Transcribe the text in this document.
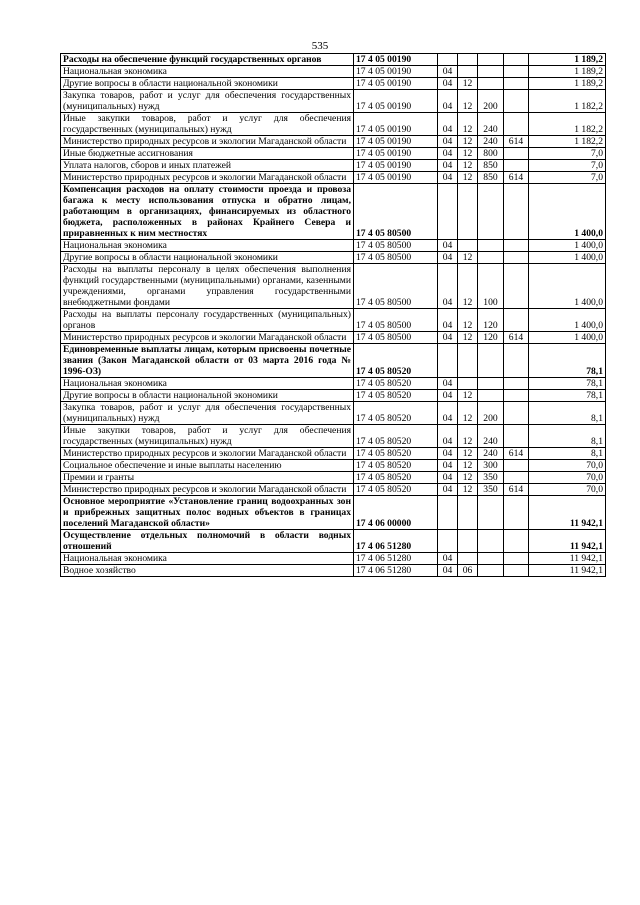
535
Расходы на обеспечение функций государственных органов	17 4 05 00190					1 189,2
Национальная экономика	17 4 05 00190	04				1 189,2
Другие вопросы в области национальной экономики	17 4 05 00190	04	12			1 189,2
Закупка товаров, работ и услуг для обеспечения государственных (муниципальных) нужд	17 4 05 00190	04	12	200		1 182,2
Иные закупки товаров, работ и услуг для обеспечения государственных (муниципальных) нужд	17 4 05 00190	04	12	240		1 182,2
Министерство природных ресурсов и экологии Магаданской области	17 4 05 00190	04	12	240	614	1 182,2
Иные бюджетные ассигнования	17 4 05 00190	04	12	800		7,0
Уплата налогов, сборов и иных платежей	17 4 05 00190	04	12	850		7,0
Министерство природных ресурсов и экологии Магаданской области	17 4 05 00190	04	12	850	614	7,0
Компенсация расходов на оплату стоимости проезда и провоза багажа к месту использования отпуска и обратно лицам, работающим в организациях, финансируемых из областного бюджета, расположенных в районах Крайнего Севера и приравненных к ним местностях	17 4 05 80500					1 400,0
Национальная экономика	17 4 05 80500	04				1 400,0
Другие вопросы в области национальной экономики	17 4 05 80500	04	12			1 400,0
Расходы на выплаты персоналу в целях обеспечения выполнения функций государственными (муниципальными) органами, казенными учреждениями, органами управления государственными внебюджетными фондами	17 4 05 80500	04	12	100		1 400,0
Расходы на выплаты персоналу государственных (муниципальных) органов	17 4 05 80500	04	12	120		1 400,0
Министерство природных ресурсов и экологии Магаданской области	17 4 05 80500	04	12	120	614	1 400,0
Единовременные выплаты лицам, которым присвоены почетные звания (Закон Магаданской области от 03 марта 2016 года № 1996-ОЗ)	17 4 05 80520					78,1
Национальная экономика	17 4 05 80520	04				78,1
Другие вопросы в области национальной экономики	17 4 05 80520	04	12			78,1
Закупка товаров, работ и услуг для обеспечения государственных (муниципальных) нужд	17 4 05 80520	04	12	200		8,1
Иные закупки товаров, работ и услуг для обеспечения государственных (муниципальных) нужд	17 4 05 80520	04	12	240		8,1
Министерство природных ресурсов и экологии Магаданской области	17 4 05 80520	04	12	240	614	8,1
Социальное обеспечение и иные выплаты населению	17 4 05 80520	04	12	300		70,0
Премии и гранты	17 4 05 80520	04	12	350		70,0
Министерство природных ресурсов и экологии Магаданской области	17 4 05 80520	04	12	350	614	70,0
Основное мероприятие «Установление границ водоохранных зон и прибрежных защитных полос водных объектов в границах поселений Магаданской области»	17 4 06 00000					11 942,1
Осуществление отдельных полномочий в области водных отношений	17 4 06 51280					11 942,1
Национальная экономика	17 4 06 51280	04				11 942,1
Водное хозяйство	17 4 06 51280	04	06			11 942,1
